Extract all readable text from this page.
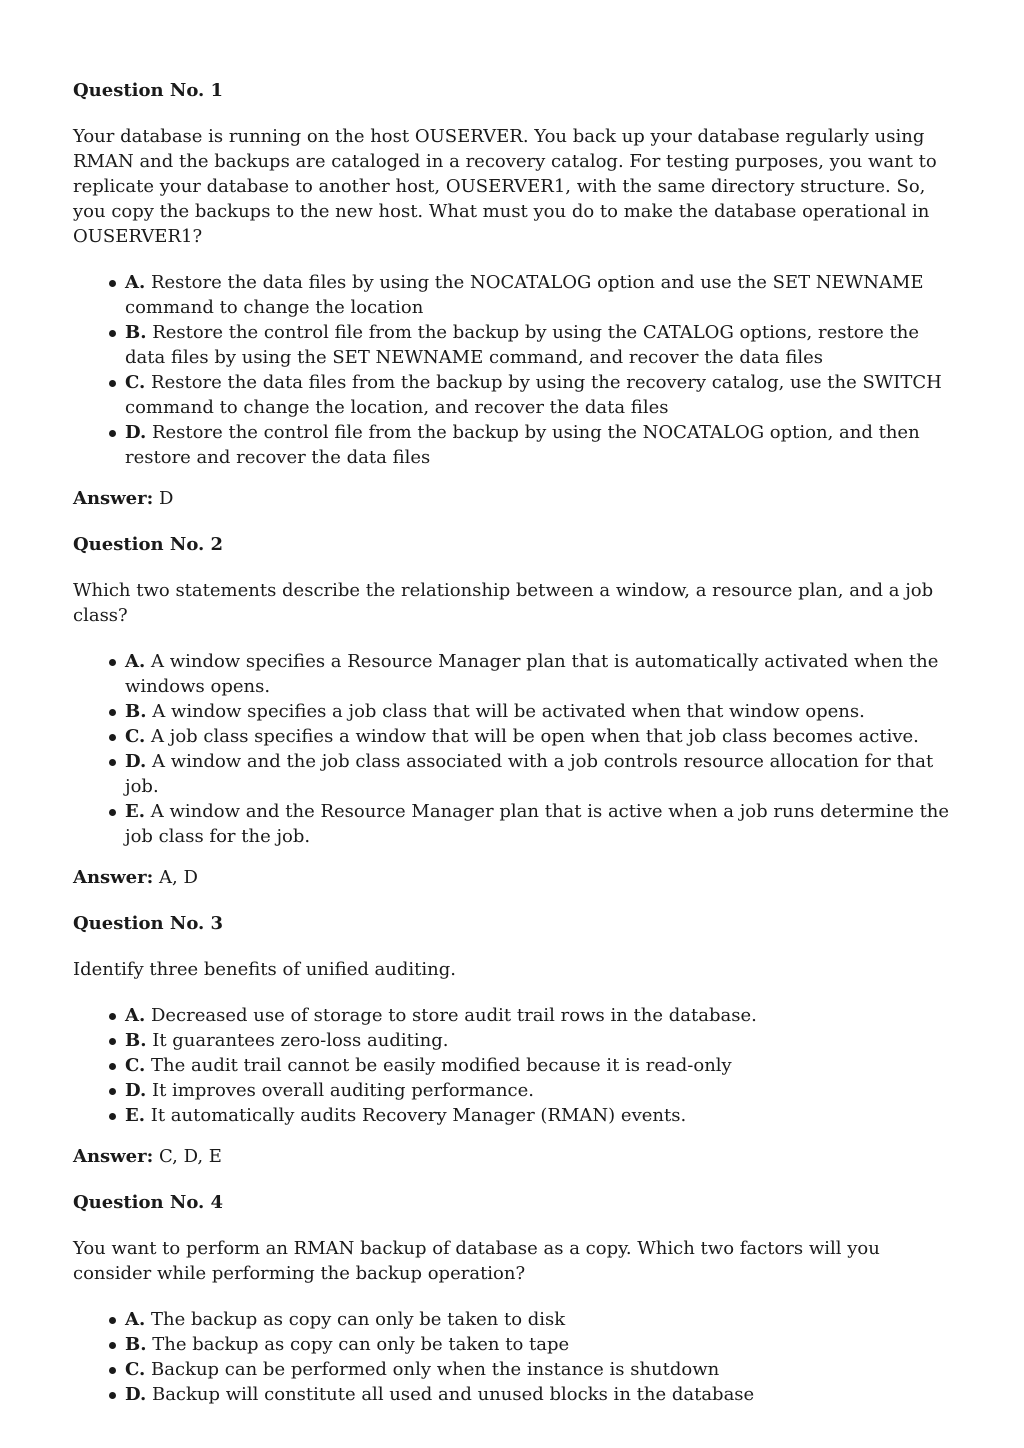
Question No. 1

Your database is running on the host OUSERVER. You back up your database regularly using RMAN and the backups are cataloged in a recovery catalog. For testing purposes, you want to replicate your database to another host, OUSERVER1, with the same directory structure. So, you copy the backups to the new host. What must you do to make the database operational in OUSERVER1?

A. Restore the data files by using the NOCATALOG option and use the SET NEWNAME command to change the location
B. Restore the control file from the backup by using the CATALOG options, restore the data files by using the SET NEWNAME command, and recover the data files
C. Restore the data files from the backup by using the recovery catalog, use the SWITCH command to change the location, and recover the data files
D. Restore the control file from the backup by using the NOCATALOG option, and then restore and recover the data files

Answer: D

Question No. 2

Which two statements describe the relationship between a window, a resource plan, and a job class?

A. A window specifies a Resource Manager plan that is automatically activated when the windows opens.
B. A window specifies a job class that will be activated when that window opens.
C. A job class specifies a window that will be open when that job class becomes active.
D. A window and the job class associated with a job controls resource allocation for that job.
E. A window and the Resource Manager plan that is active when a job runs determine the job class for the job.

Answer: A, D

Question No. 3

Identify three benefits of unified auditing.

A. Decreased use of storage to store audit trail rows in the database.
B. It guarantees zero-loss auditing.
C. The audit trail cannot be easily modified because it is read-only
D. It improves overall auditing performance.
E. It automatically audits Recovery Manager (RMAN) events.

Answer: C, D, E

Question No. 4

You want to perform an RMAN backup of database as a copy. Which two factors will you consider while performing the backup operation?

A. The backup as copy can only be taken to disk
B. The backup as copy can only be taken to tape
C. Backup can be performed only when the instance is shutdown
D. Backup will constitute all used and unused blocks in the database
